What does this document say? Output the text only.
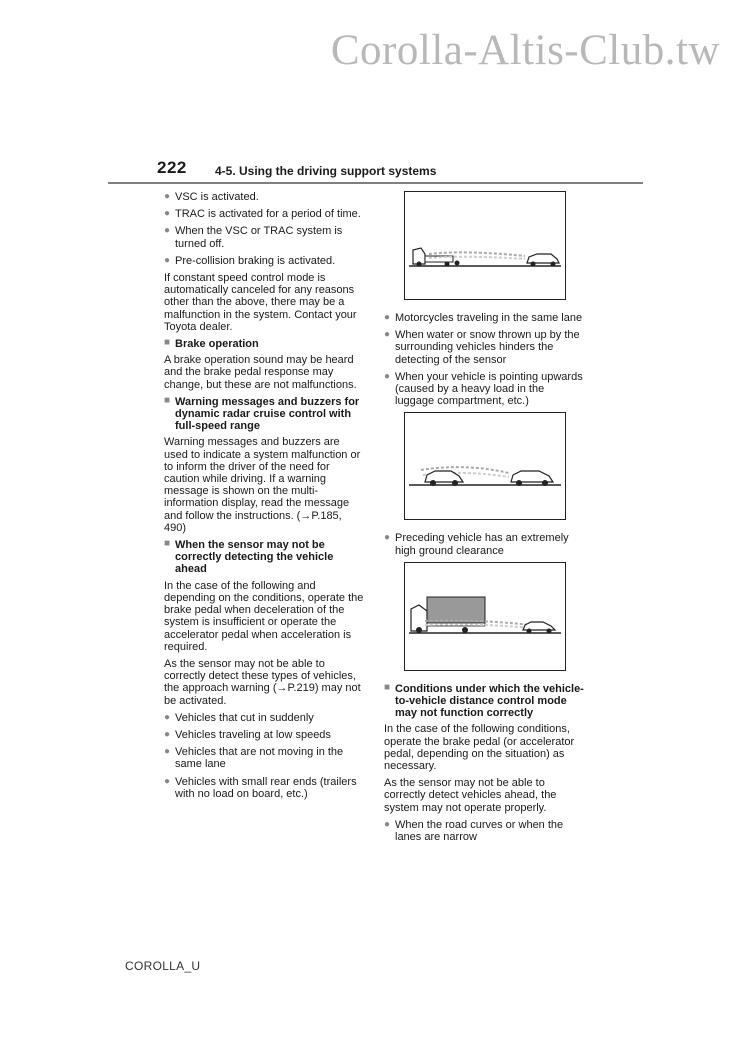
Corolla-Altis-Club.tw
222 4-5. Using the driving support systems
● VSC is activated.
● TRAC is activated for a period of time.
● When the VSC or TRAC system is turned off.
● Pre-collision braking is activated.
If constant speed control mode is automatically canceled for any reasons other than the above, there may be a malfunction in the system. Contact your Toyota dealer.
■ Brake operation
A brake operation sound may be heard and the brake pedal response may change, but these are not malfunctions.
■ Warning messages and buzzers for dynamic radar cruise control with full-speed range
Warning messages and buzzers are used to indicate a system malfunction or to inform the driver of the need for caution while driving. If a warning message is shown on the multi-information display, read the message and follow the instructions. (→P.185, 490)
■ When the sensor may not be correctly detecting the vehicle ahead
In the case of the following and depending on the conditions, operate the brake pedal when deceleration of the system is insufficient or operate the accelerator pedal when acceleration is required.
As the sensor may not be able to correctly detect these types of vehicles, the approach warning (→P.219) may not be activated.
● Vehicles that cut in suddenly
● Vehicles traveling at low speeds
● Vehicles that are not moving in the same lane
● Vehicles with small rear ends (trailers with no load on board, etc.)
● Motorcycles traveling in the same lane
● When water or snow thrown up by the surrounding vehicles hinders the detecting of the sensor
● When your vehicle is pointing upwards (caused by a heavy load in the luggage compartment, etc.)
● Preceding vehicle has an extremely high ground clearance
■ Conditions under which the vehicle-to-vehicle distance control mode may not function correctly
In the case of the following conditions, operate the brake pedal (or accelerator pedal, depending on the situation) as necessary.
As the sensor may not be able to correctly detect vehicles ahead, the system may not operate properly.
● When the road curves or when the lanes are narrow
COROLLA_U
